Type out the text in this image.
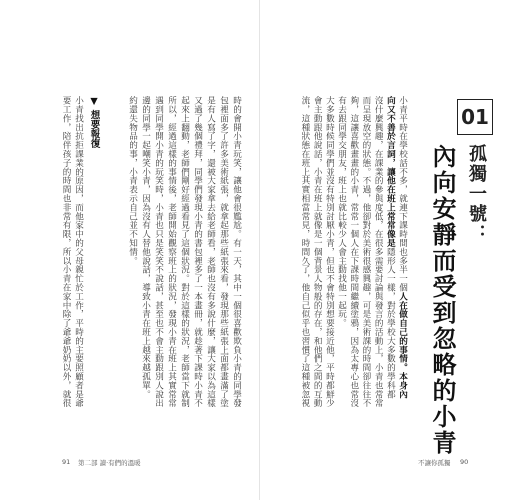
01
孤獨一號：
內向安靜而受到忽略的小青
小青平時在學校話不多，就連下課時間也多半一個人在做自己的事情。本身內
向又不善於言詞，讓他在班上常常像是隱形人一樣，對於學校大多數的學科都
沒什麼興趣，在課業的參與度低，在很多需要討論與發言的活動上，小青也常常
而呈現放空的狀態。不過，他卻對於美術很感興趣，可是美術課的時間卻往往不
夠，這讓喜歡畫畫的小青，常常一個人在下課時間繼續塗鴉，因為太專心也常沒
有去跟同學交朋友，班上也就比較少人會主動找他一起玩。
大多數時候同學們並沒有特別討厭小青，但也不會特別想要接近他，平時都鮮少
會主動跟他說話，小青在班上就像是一個背景人物般的存在，和他們之間的互動
流，這種狀態在班上其實相當常見，時間久了，他自己似乎也習慣了這種被忽視
不讓你孤獨 90
時的會開小青玩笑，讓他會很尷尬。有一天，其中一個很喜歡欺負小青的同學發
包裡面多了許多美術紙張，就拿起那些紙張來看，發現那些紙張上面都畫滿了塗
是有人寫了字，還被大家拿去給老師看，老師也沒有多說什麼，讓大家以為這樣
又過了幾個禮拜，同學們發現小青的書包裡多了一本畫冊，就趁著下課時小青不
起來上翻動，老師們剛好經過看見了這個狀況。對於這樣的狀況，老師當下就制
所以，經過這樣的事情後，老師開始觀察班上的狀況，發現小青在班上其實常常
遇到同學開小青的玩笑時，小青也只是笑笑不說話，甚至也不會主動跟別人說出
邊的同學一起嘲笑小青，因為沒有人替他說話，導致小青在班上越來越孤單。
約還失物品的事，小青表示自己並不知情。
▼ 想要報復
小青找出抗拒課業的原因，而他家中的父母親忙於工作，平時的主要照顧者是爺
要工作，陪伴孩子的時間也非常有限，所以小青在家中除了爺爺奶奶以外，就很
91 第二部 讀·有們的溫暖
